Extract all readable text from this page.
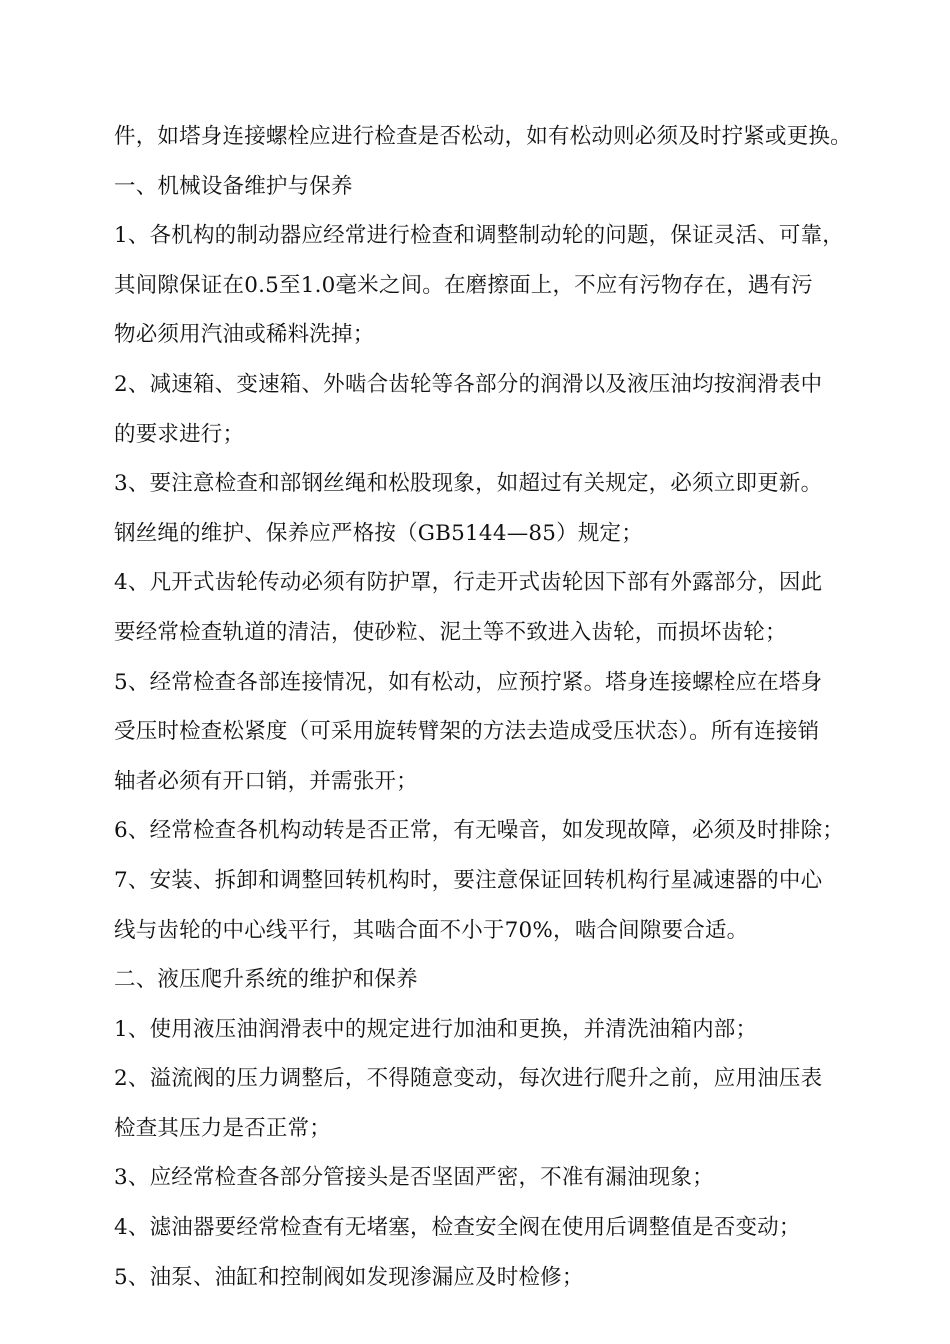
件，如塔身连接螺栓应进行检查是否松动，如有松动则必须及时拧紧或更换。
一、机械设备维护与保养
1、各机构的制动器应经常进行检查和调整制动轮的问题，保证灵活、可靠，
其间隙保证在0.5至1.0毫米之间。在磨擦面上，不应有污物存在，遇有污
物必须用汽油或稀料洗掉；
2、减速箱、变速箱、外啮合齿轮等各部分的润滑以及液压油均按润滑表中
的要求进行；
3、要注意检查和部钢丝绳和松股现象，如超过有关规定，必须立即更新。
钢丝绳的维护、保养应严格按（GB5144—85）规定；
4、凡开式齿轮传动必须有防护罩，行走开式齿轮因下部有外露部分，因此
要经常检查轨道的清洁，使砂粒、泥土等不致进入齿轮，而损坏齿轮；
5、经常检查各部连接情况，如有松动，应预拧紧。塔身连接螺栓应在塔身
受压时检查松紧度（可采用旋转臂架的方法去造成受压状态）。所有连接销
轴者必须有开口销，并需张开；
6、经常检查各机构动转是否正常，有无噪音，如发现故障，必须及时排除；
7、安装、拆卸和调整回转机构时，要注意保证回转机构行星减速器的中心
线与齿轮的中心线平行，其啮合面不小于70%，啮合间隙要合适。
二、液压爬升系统的维护和保养
1、使用液压油润滑表中的规定进行加油和更换，并清洗油箱内部；
2、溢流阀的压力调整后，不得随意变动，每次进行爬升之前，应用油压表
检查其压力是否正常；
3、应经常检查各部分管接头是否坚固严密，不准有漏油现象；
4、滤油器要经常检查有无堵塞，检查安全阀在使用后调整值是否变动；
5、油泵、油缸和控制阀如发现渗漏应及时检修；
